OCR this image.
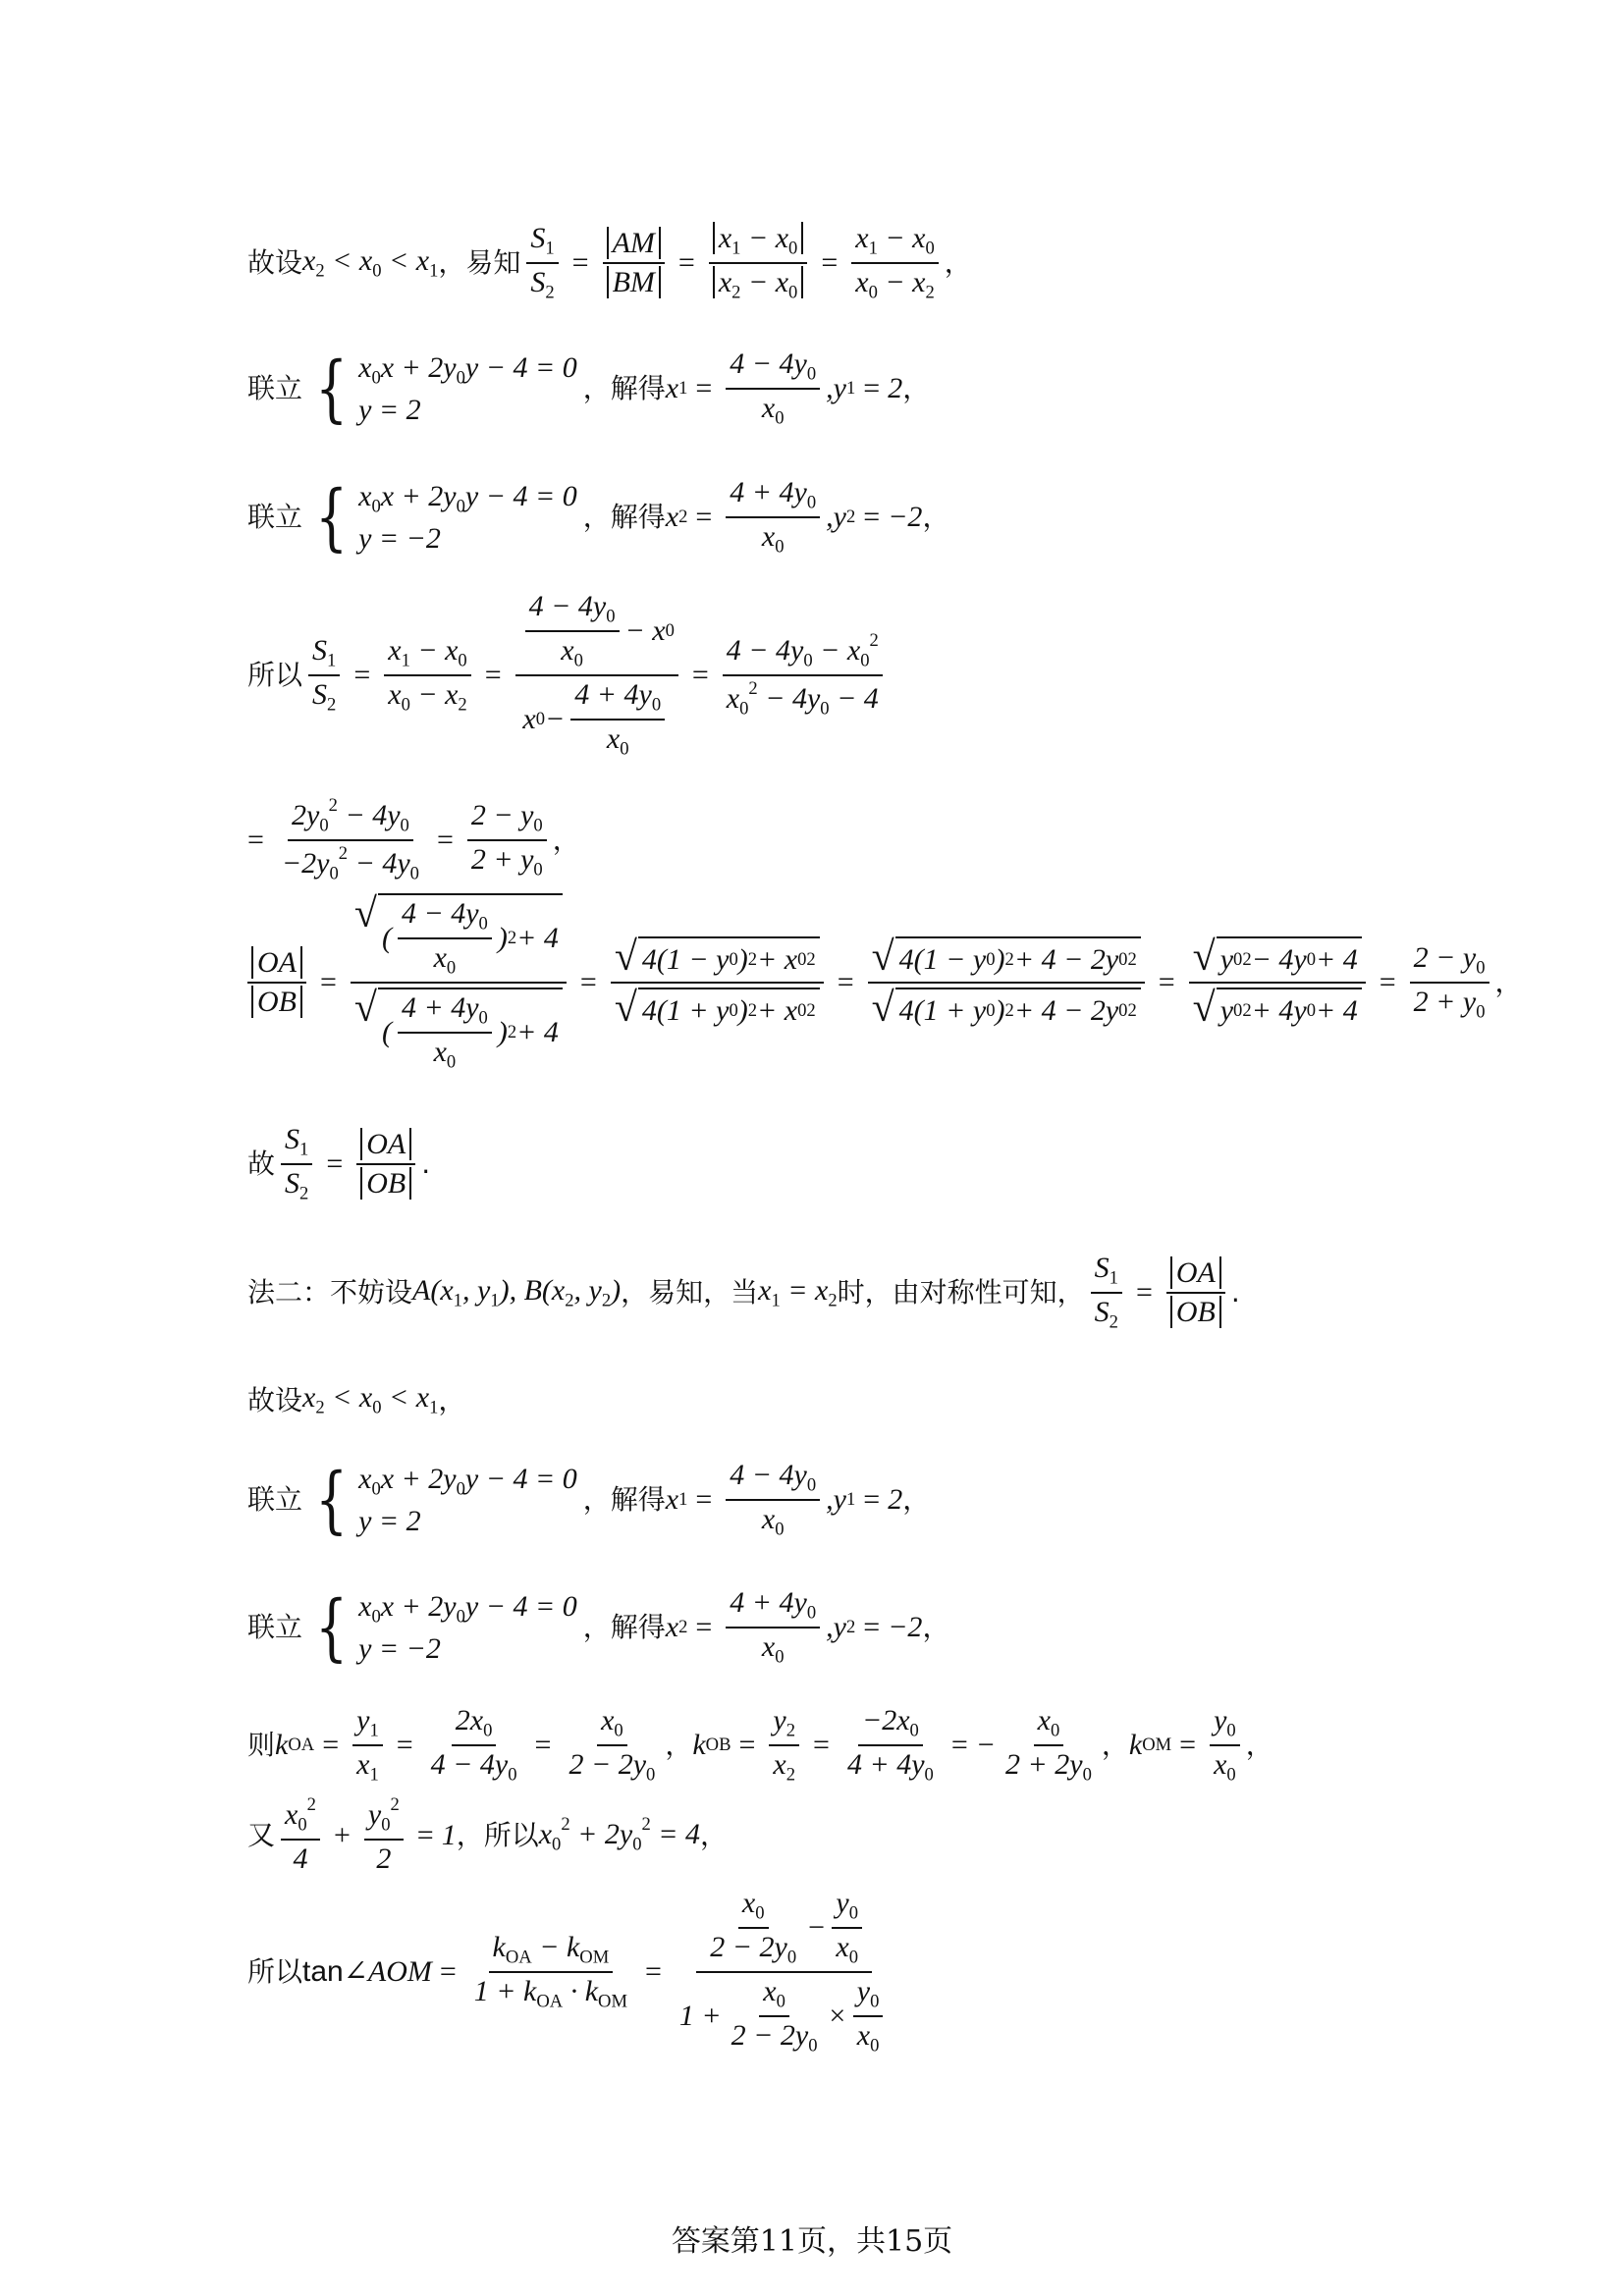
故设 $x_2 < x_0 < x_1$ ，易知 $\frac{S_1}{S_2} = \frac{AM}{BM} = \frac{x_1 - x_0}{x_2 - x_0} = \frac{x_1 - x_0}{x_0 - x_2}$ ，
联立 { $x_0x + 2y_0y - 4 = 0$
y = 2
，解得 x $1 = \frac{4 - 4y_0}{x_0} ,y$ 1 = 2 ，
联立 { $x_0x + 2y_0y - 4 = 0$
y = −2
，解得 x $2 = \frac{4 + 4y_0}{x_0} ,y$ 2 = −2 ，
所以 $\frac{S_1}{S_2} = \frac{x_1 - x_0}{x_0 - x_2} = \frac{\frac{4 - 4y_0}{x_0} - x 0}{x 0 - \frac{4 + 4y_0}{x_0}} = \frac{4 - 4y_0 - x_0^2}{x_0^2 - 4y_0 - 4}$
= $\frac{2y_0^2 - 4y_0}{-2y_0^2 - 4y_0} = \frac{2 - y_0}{2 + y_0}$ ，
$\frac{OA}{OB}$ = √
( $\frac{4 - 4y_0}{x_0}$ ) 2 + 4
√
( $\frac{4 + 4y_0}{x_0}$ ) $2 + 4 = \frac{√ 4(1 - y 0 ) 2 + x 0 2}{√ 4(1 + y 0 ) 2 + x 0 2} = \frac{√ 4(1 - y 0 ) 2 + 4 - 2y 0 2}{√ 4(1 + y 0 ) 2 + 4 - 2y 0 2} = \frac{√ y 0 2 - 4y 0 + 4}{√ y 0 2 + 4y 0 + 4} = \frac{2 - y_0}{2 + y_0}$ ，
故 $\frac{S_1}{S_2} = \frac{OA}{OB}$ .
法二：不妨设 $A(x_1$, $y_1$), $B(x_2$, $y_2$) ，易知，当 $x_1 = x_2$ 时，由对称性可知， $\frac{S_1}{S_2} = \frac{OA}{OB}$ .
故设 $x_2 < x_0 < x_1$ ，
联立 { $x_0x + 2y_0y - 4 = 0$
y = 2
，解得 x $1 = \frac{4 - 4y_0}{x_0} ,y$ 1 = 2 ，
联立 { $x_0x + 2y_0y - 4 = 0$
y = −2
，解得 x $2 = \frac{4 + 4y_0}{x_0} ,y$ 2 = −2 ，
则 k OA = $\frac{y_1}{x_1} = \frac{2x_0}{4 - 4y_0} = \frac{x_0}{2 - 2y_0}$ ， k OB = $\frac{y_2}{x_2} = \frac{-2x_0}{4 + 4y_0}$ = − $\frac{x_0}{2 + 2y_0}$ ， k OM = $\frac{y_0}{x_0}$ ，
又 $\frac{x_0^2}{4} + \frac{y_0^2}{2} = 1$ ，所以 $x_0^2 + 2y_0^2 = 4$ ，
所以 tan ∠AOM = $\frac{k_{OA} - k_{OM}}{1 + k_{OA} \cdot k_{OM}} = \frac{\frac{x_0}{2 - 2y_0} - \frac{y_0}{x_0}}{1 + \frac{x_0}{2 - 2y_0} \times \frac{y_0}{x_0}}$
答案第11页，共15页
